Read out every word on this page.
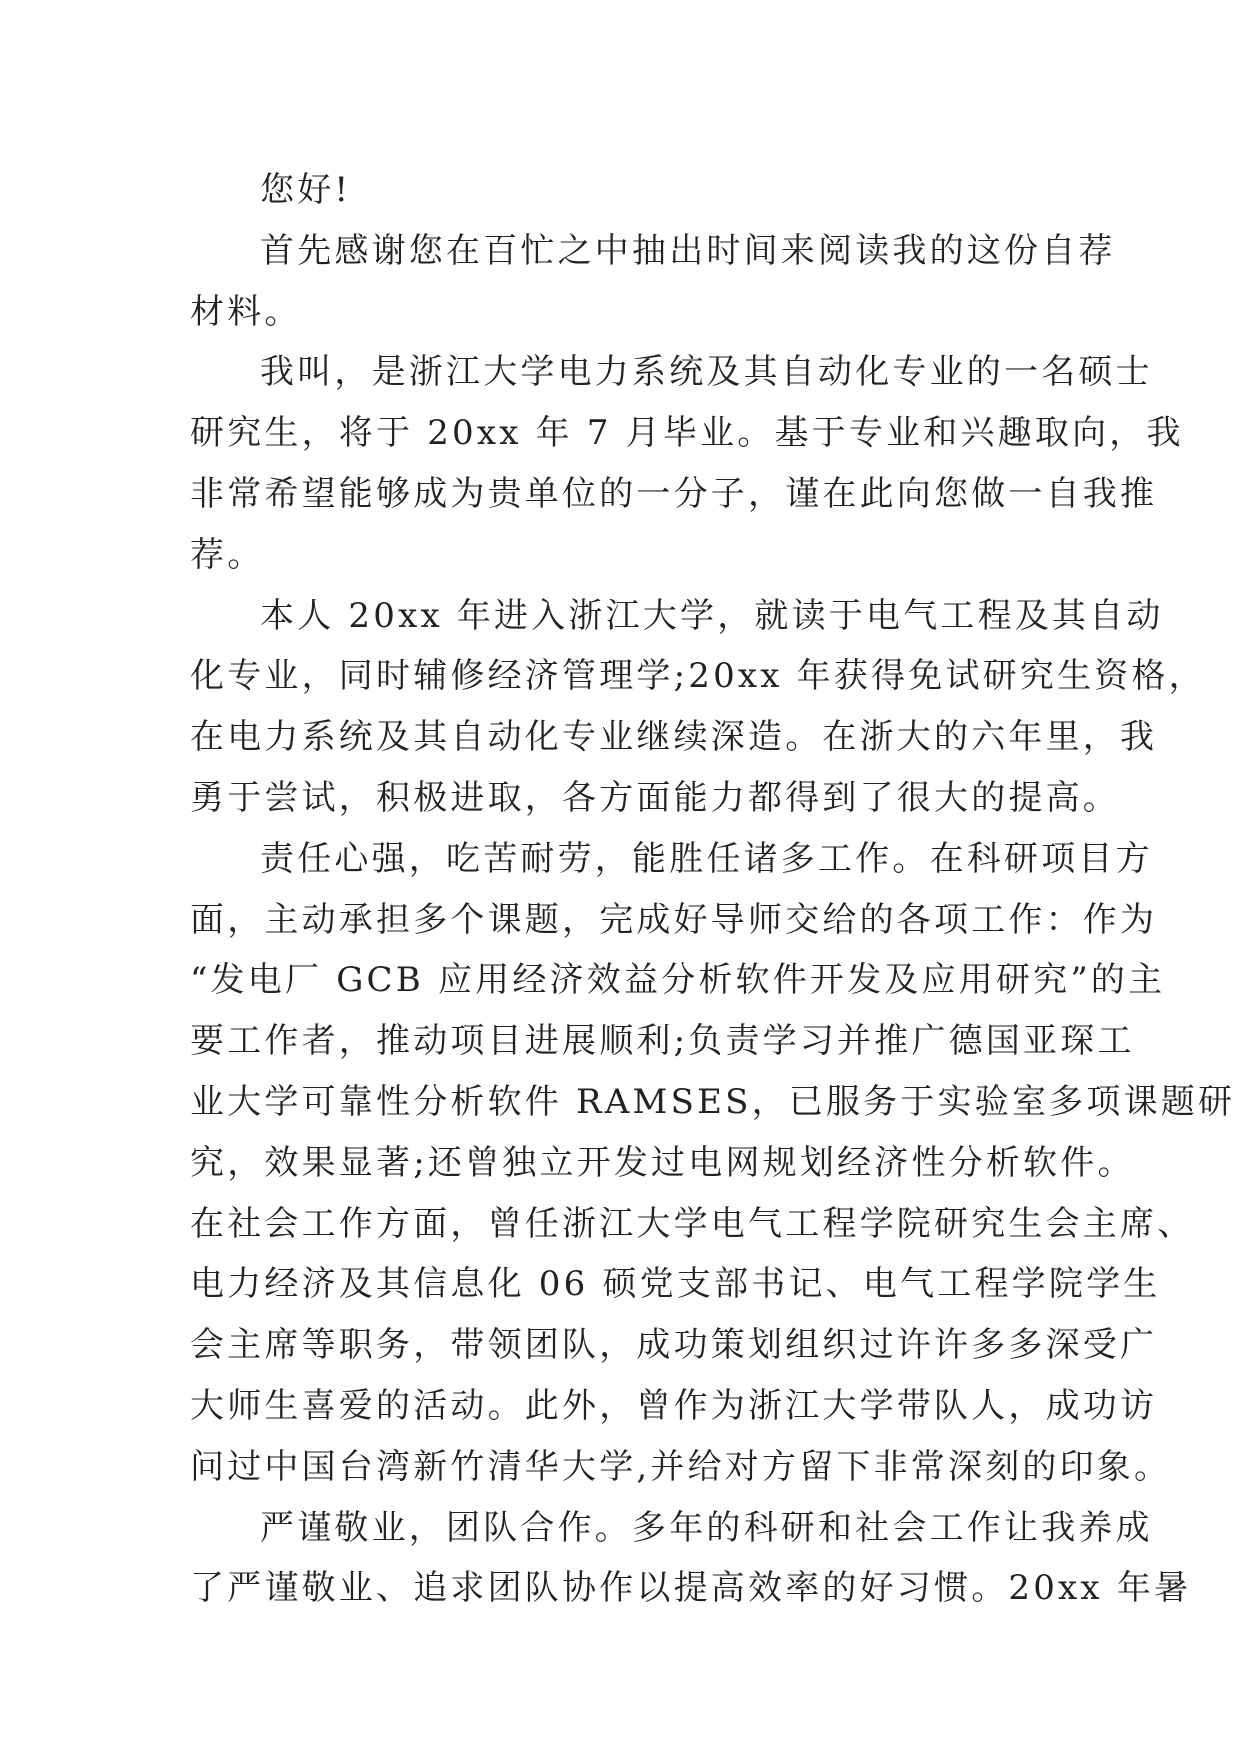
您好!
首先感谢您在百忙之中抽出时间来阅读我的这份自荐
材料。
我叫，是浙江大学电力系统及其自动化专业的一名硕士
研究生，将于 20xx 年 7 月毕业。基于专业和兴趣取向，我
非常希望能够成为贵单位的一分子，谨在此向您做一自我推
荐。
本人 20xx 年进入浙江大学，就读于电气工程及其自动
化专业，同时辅修经济管理学;20xx 年获得免试研究生资格，
在电力系统及其自动化专业继续深造。在浙大的六年里，我
勇于尝试，积极进取，各方面能力都得到了很大的提高。
责任心强，吃苦耐劳，能胜任诸多工作。在科研项目方
面，主动承担多个课题，完成好导师交给的各项工作：作为
“发电厂 GCB 应用经济效益分析软件开发及应用研究”的主
要工作者，推动项目进展顺利;负责学习并推广德国亚琛工
业大学可靠性分析软件 RAMSES，已服务于实验室多项课题研
究，效果显著;还曾独立开发过电网规划经济性分析软件。
在社会工作方面，曾任浙江大学电气工程学院研究生会主席、
电力经济及其信息化 06 硕党支部书记、电气工程学院学生
会主席等职务，带领团队，成功策划组织过许许多多深受广
大师生喜爱的活动。此外，曾作为浙江大学带队人，成功访
问过中国台湾新竹清华大学,并给对方留下非常深刻的印象。
严谨敬业，团队合作。多年的科研和社会工作让我养成
了严谨敬业、追求团队协作以提高效率的好习惯。20xx 年暑
